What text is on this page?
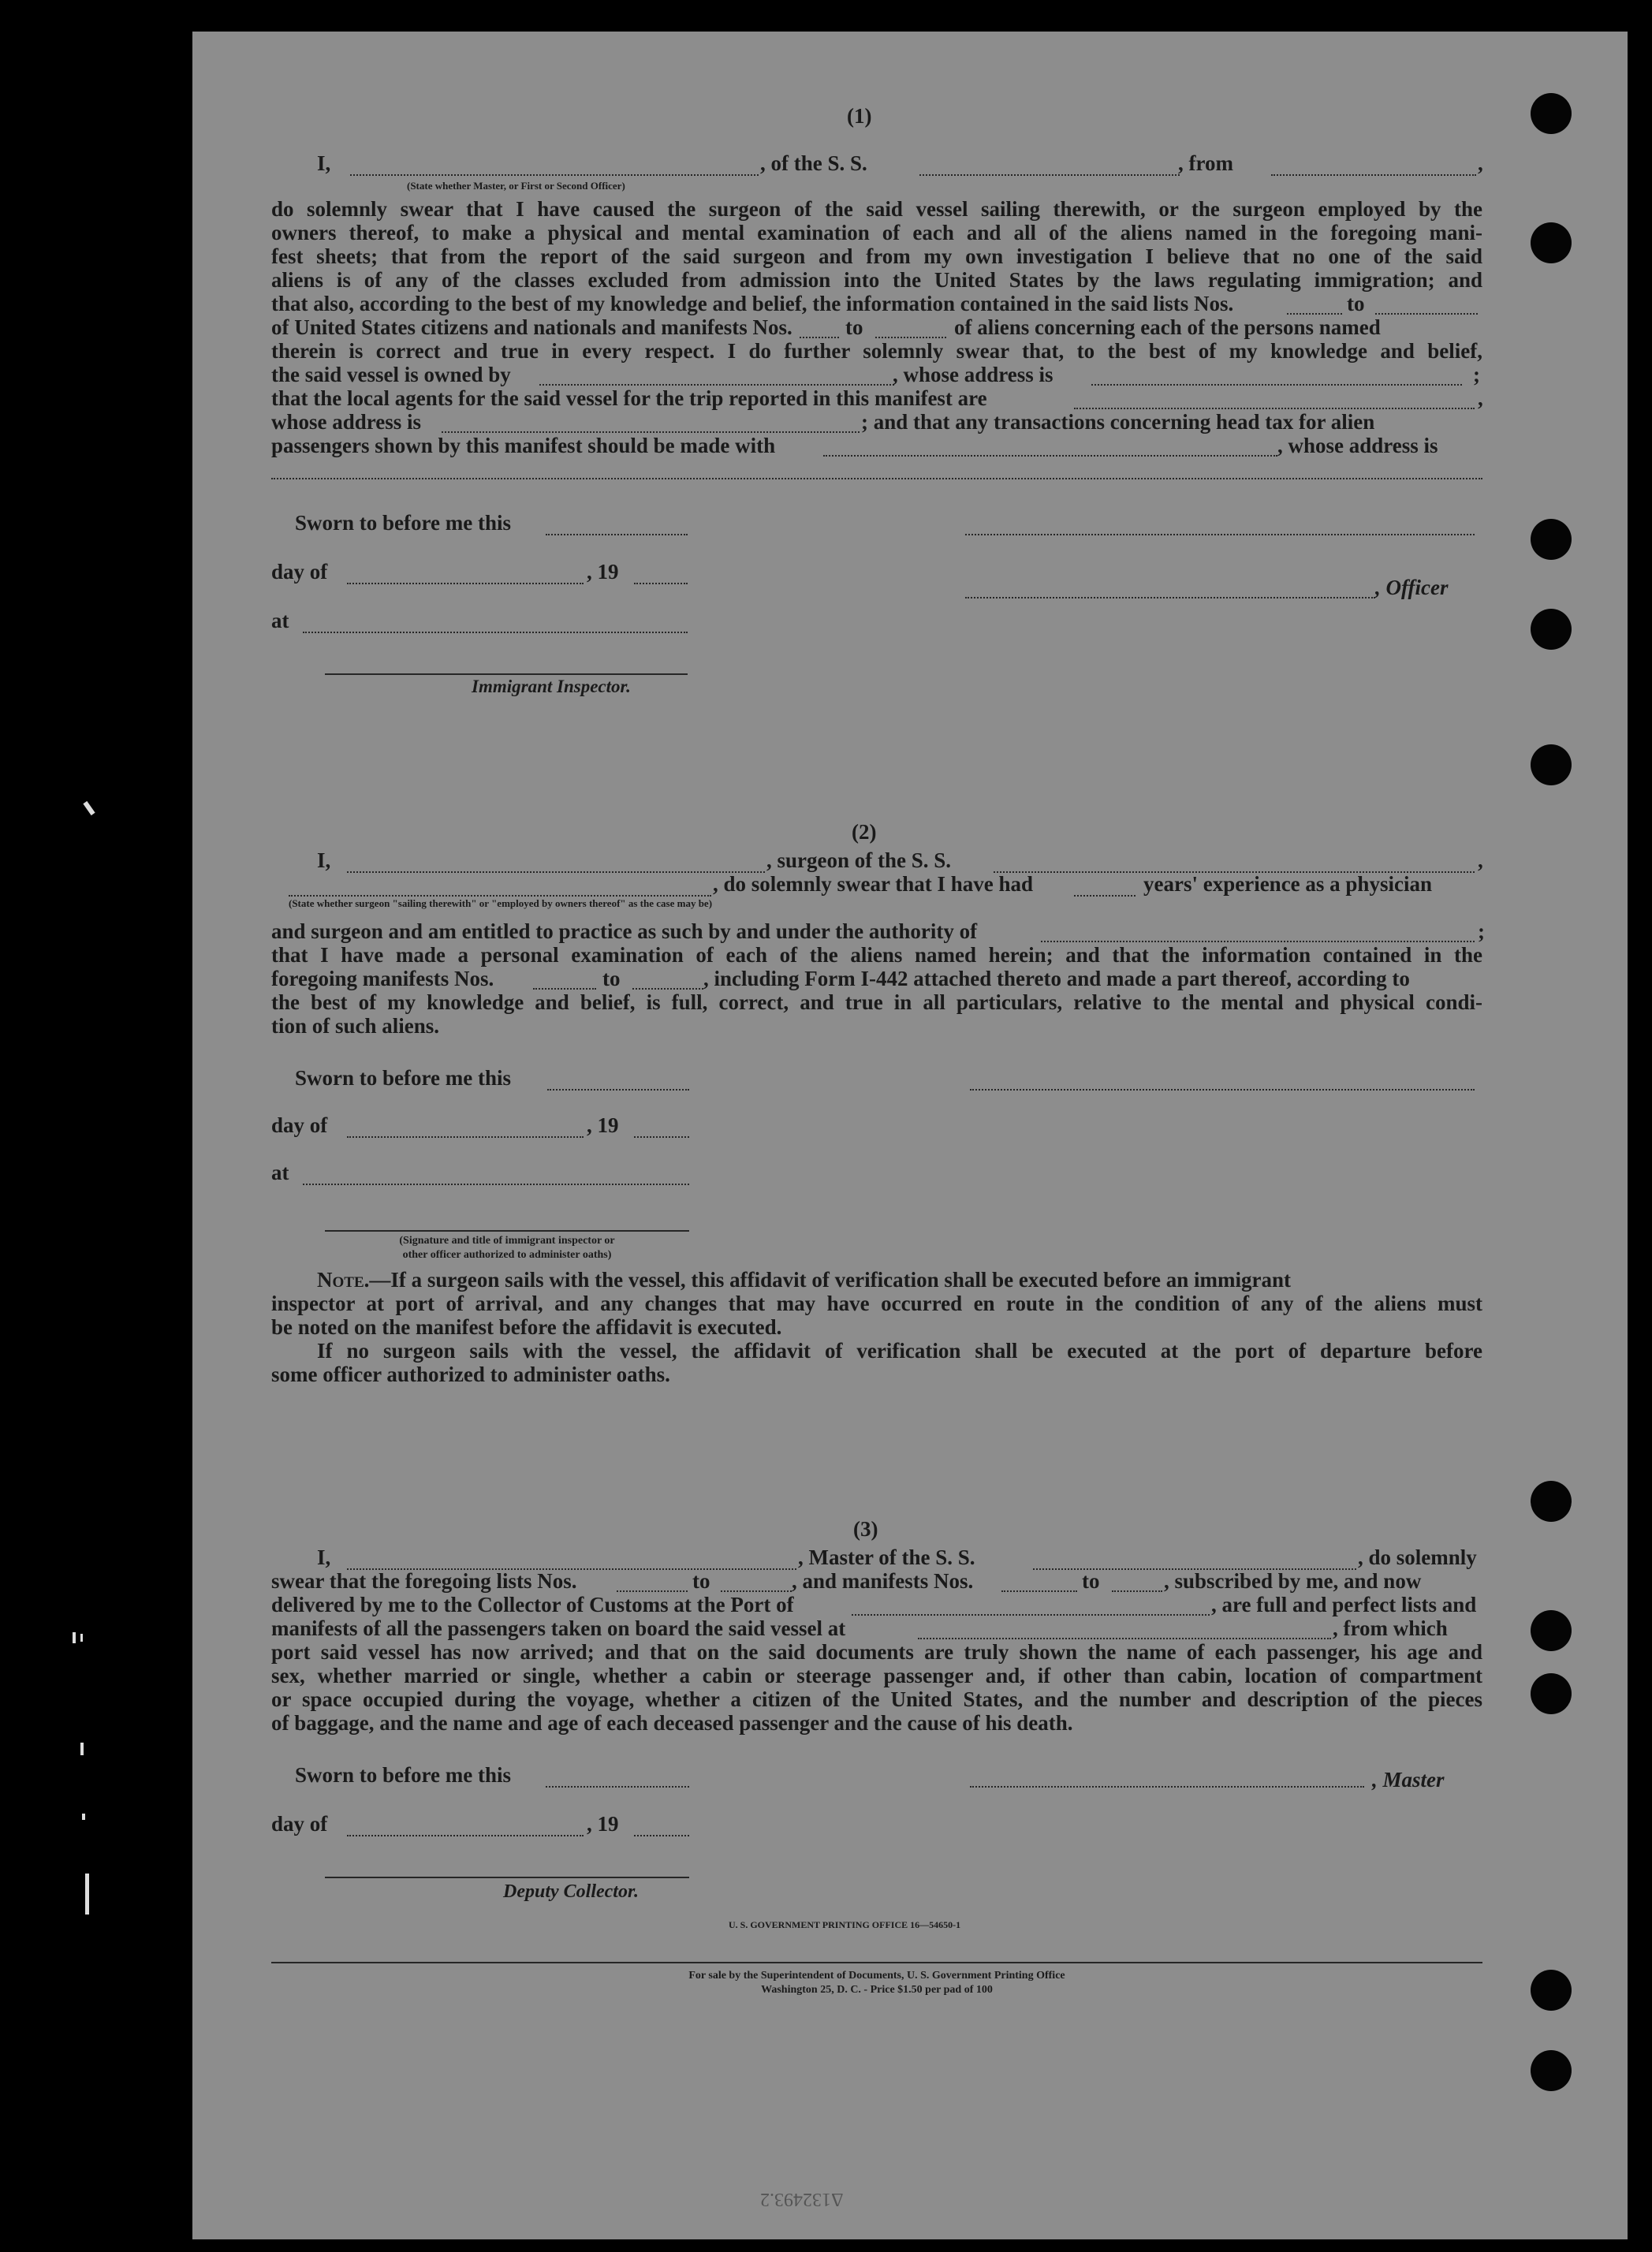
(1)
I,	, of the S. S.	, from	,
(State whether Master, or First or Second Officer)
do solemnly swear that I have caused the surgeon of the said vessel sailing therewith, or the surgeon employed by the
owners thereof, to make a physical and mental examination of each and all of the aliens named in the foregoing mani-
fest sheets; that from the report of the said surgeon and from my own investigation I believe that no one of the said
aliens is of any of the classes excluded from admission into the United States by the laws regulating immigration; and
that also, according to the best of my knowledge and belief, the information contained in the said lists Nos.	to
of United States citizens and nationals and manifests Nos. to	of aliens concerning each of the persons named
therein is correct and true in every respect. I do further solemnly swear that, to the best of my knowledge and belief,
the said vessel is owned by	, whose address is	;
that the local agents for the said vessel for the trip reported in this manifest are	,
whose address is	; and that any transactions concerning head tax for alien
passengers shown by this manifest should be made with	, whose address is
Sworn to before me this
day of	, 19
, Officer
at
Immigrant Inspector.
(2)
I,	, surgeon of the S. S.	,
, do solemnly swear that I have had	years' experience as a physician
(State whether surgeon "sailing therewith" or "employed by owners thereof" as the case may be)
and surgeon and am entitled to practice as such by and under the authority of	;
that I have made a personal examination of each of the aliens named herein; and that the information contained in the
foregoing manifests Nos.	to	, including Form I-442 attached thereto and made a part thereof, according to
the best of my knowledge and belief, is full, correct, and true in all particulars, relative to the mental and physical condi-
tion of such aliens.
Sworn to before me this
day of	, 19
at
(Signature and title of immigrant inspector or
other officer authorized to administer oaths)
Note.—If a surgeon sails with the vessel, this affidavit of verification shall be executed before an immigrant
inspector at port of arrival, and any changes that may have occurred en route in the condition of any of the aliens must
be noted on the manifest before the affidavit is executed.
If no surgeon sails with the vessel, the affidavit of verification shall be executed at the port of departure before
some officer authorized to administer oaths.
(3)
I,	, Master of the S. S.	, do solemnly
swear that the foregoing lists Nos.	to	, and manifests Nos.	to	, subscribed by me, and now
delivered by me to the Collector of Customs at the Port of	, are full and perfect lists and
manifests of all the passengers taken on board the said vessel at	, from which
port said vessel has now arrived; and that on the said documents are truly shown the name of each passenger, his age and
sex, whether married or single, whether a cabin or steerage passenger and, if other than cabin, location of compartment
or space occupied during the voyage, whether a citizen of the United States, and the number and description of the pieces
of baggage, and the name and age of each deceased passenger and the cause of his death.
Sworn to before me this	, Master
day of	, 19
Deputy Collector.
U. S. GOVERNMENT PRINTING OFFICE 16—54650-1
For sale by the Superintendent of Documents, U. S. Government Printing Office
Washington 25, D. C. - Price $1.50 per pad of 100
Δ132493.2
